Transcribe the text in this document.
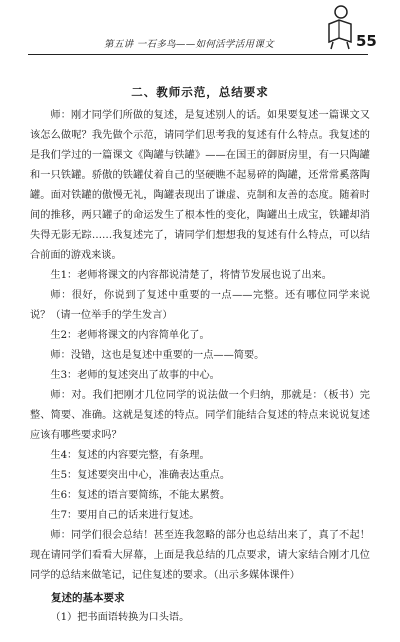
第五讲 一石多鸟——如何活学活用课文	55
二、教师示范，总结要求

师：刚才同学们所做的复述，是复述别人的话。如果要复述一篇课文又该怎么做呢？我先做个示范，请同学们思考我的复述有什么特点。我复述的是我们学过的一篇课文《陶罐与铁罐》——在国王的御厨房里，有一只陶罐和一只铁罐。骄傲的铁罐仗着自己的坚硬瞧不起易碎的陶罐，还常常奚落陶罐。面对铁罐的傲慢无礼，陶罐表现出了谦虚、克制和友善的态度。随着时间的推移，两只罐子的命运发生了根本性的变化，陶罐出土成宝，铁罐却消失得无影无踪……我复述完了，请同学们想想我的复述有什么特点，可以结合前面的游戏来谈。

生1：老师将课文的内容都说清楚了，将情节发展也说了出来。

师：很好，你说到了复述中重要的一点——完整。还有哪位同学来说说？（请一位举手的学生发言）

生2：老师将课文的内容简单化了。

师：没错，这也是复述中重要的一点——简要。

生3：老师的复述突出了故事的中心。

师：对。我们把刚才几位同学的说法做一个归纳，那就是：（板书）完整、简要、准确。这就是复述的特点。同学们能结合复述的特点来说说复述应该有哪些要求吗？

生4：复述的内容要完整，有条理。

生5：复述要突出中心，准确表达重点。

生6：复述的语言要简练，不能太累赘。

生7：要用自己的话来进行复述。

师：同学们很会总结！甚至连我忽略的部分也总结出来了，真了不起！现在请同学们看看大屏幕，上面是我总结的几点要求，请大家结合刚才几位同学的总结来做笔记，记住复述的要求。（出示多媒体课件）

复述的基本要求

（1）把书面语转换为口头语。
